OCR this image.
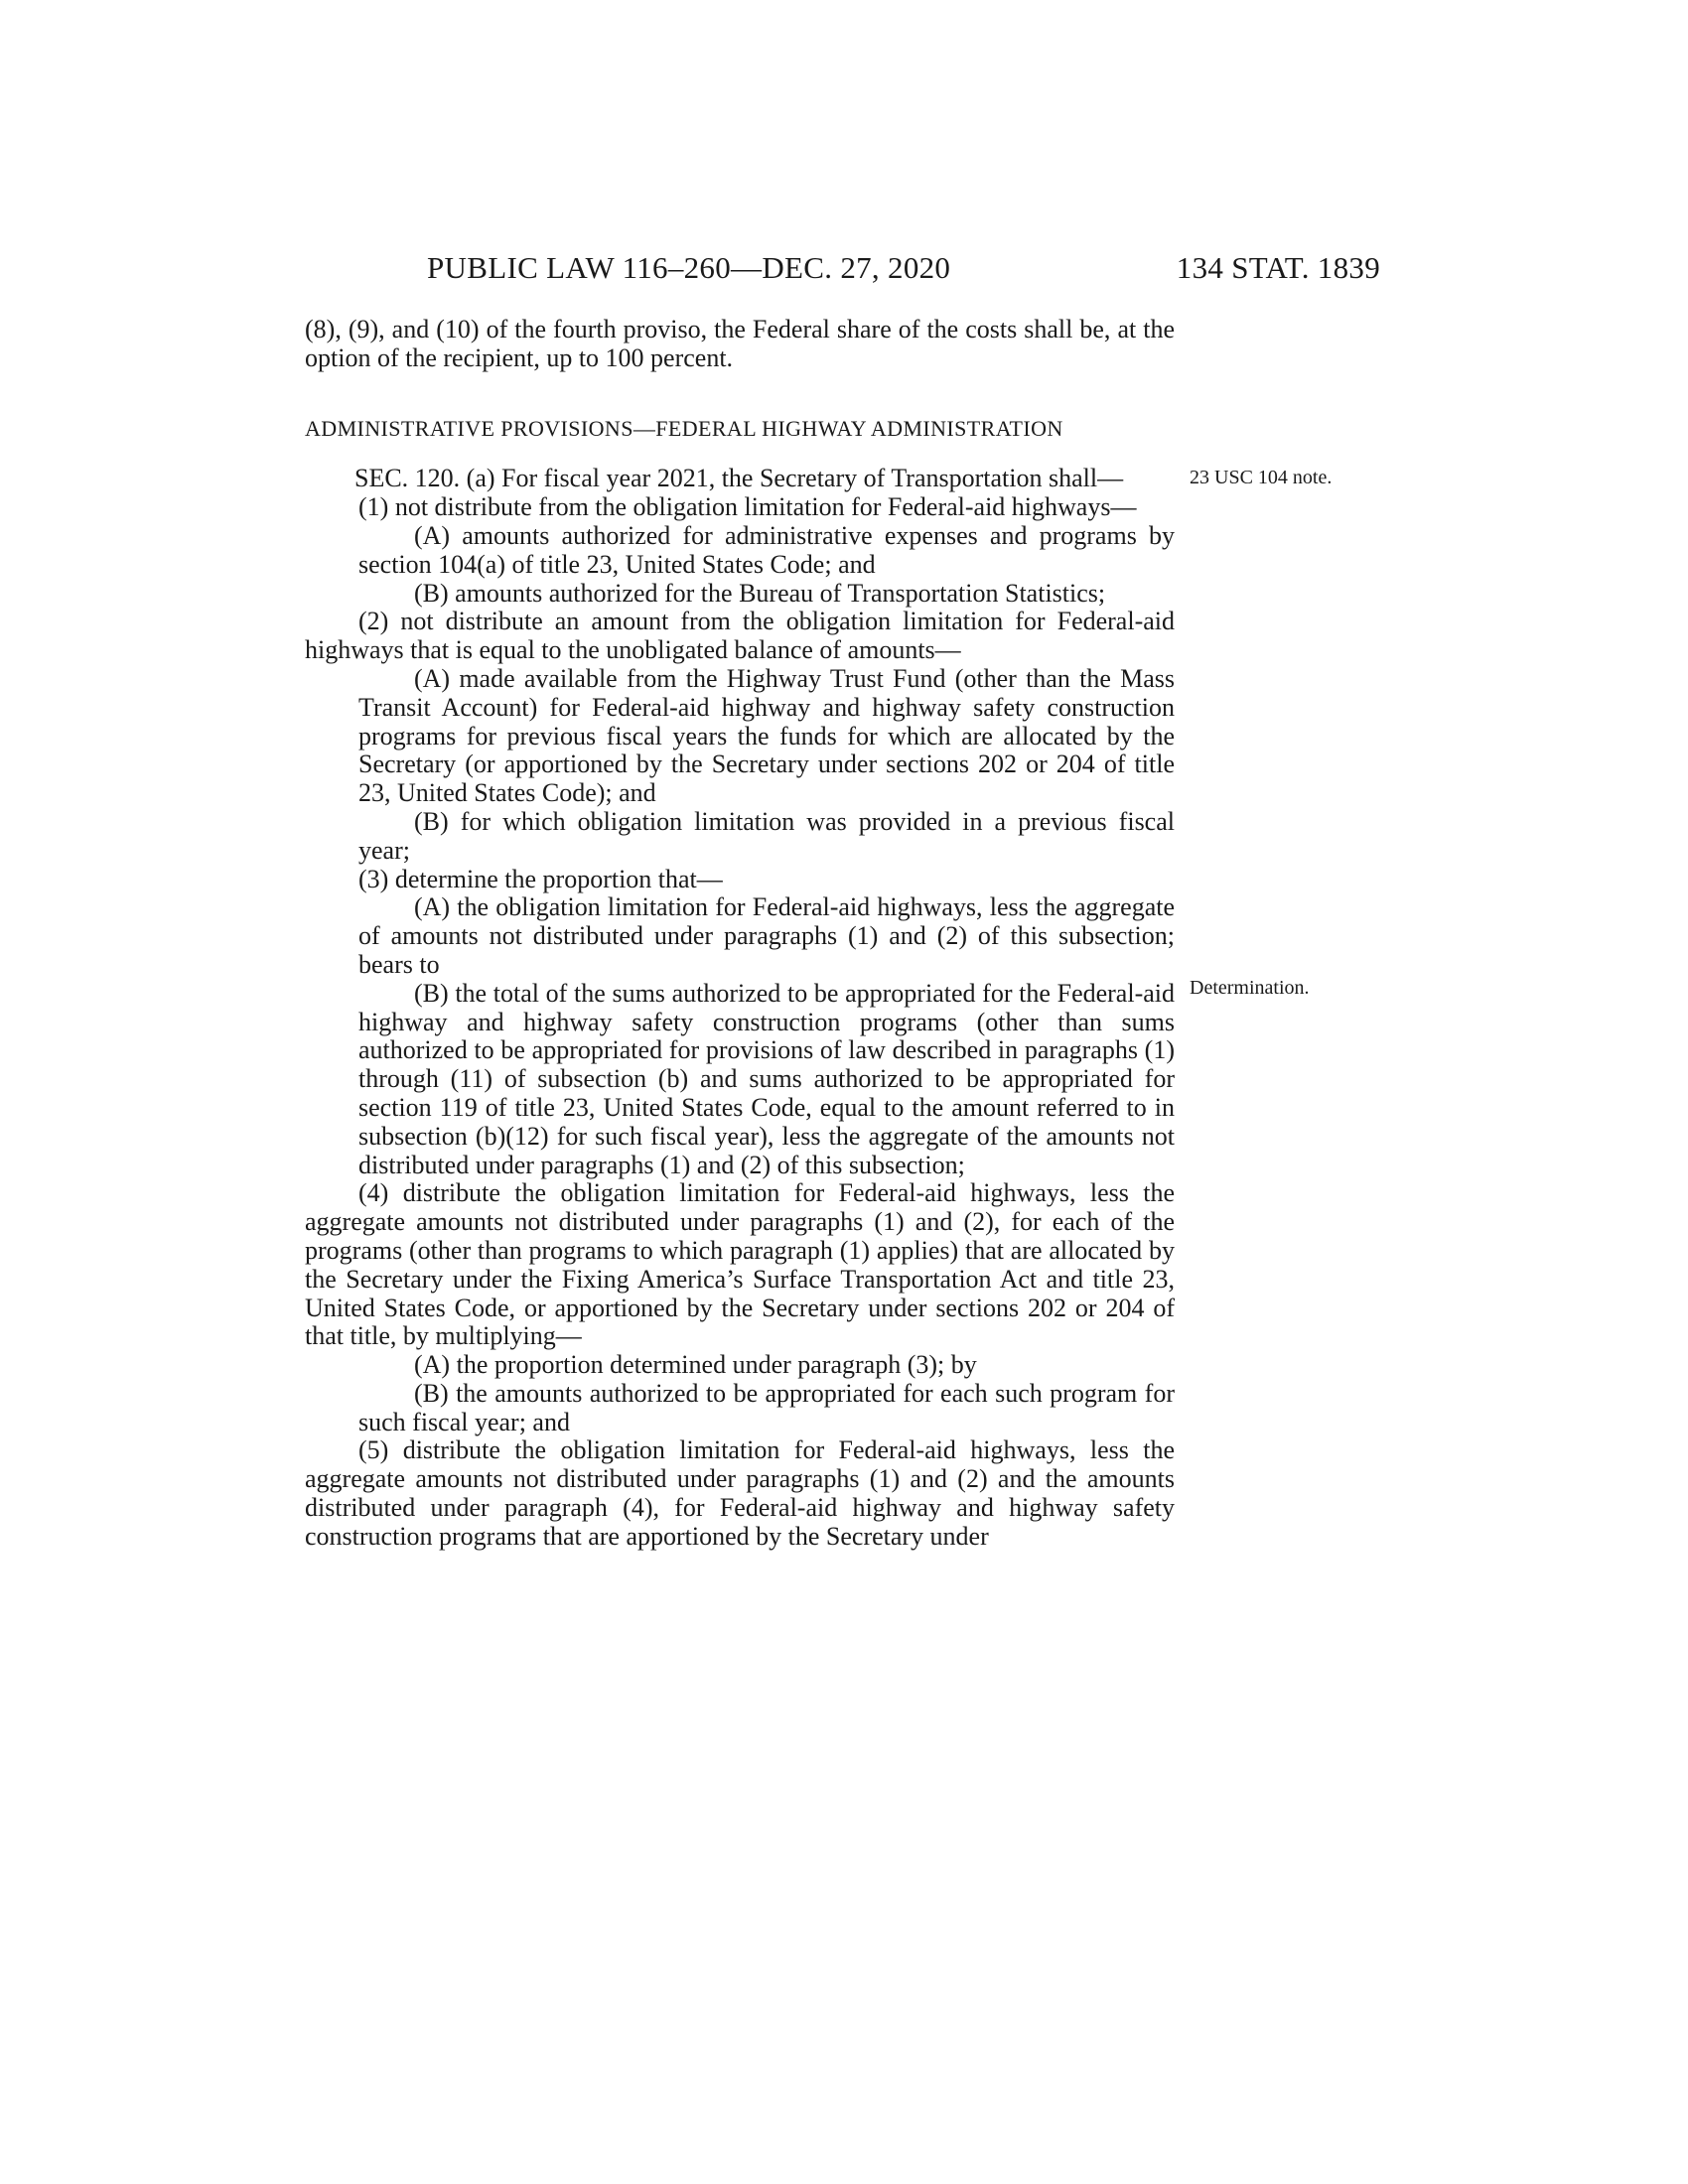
PUBLIC LAW 116–260—DEC. 27, 2020	134 STAT. 1839
23 USC 104 note.
Determination.

(8), (9), and (10) of the fourth proviso, the Federal share of the costs shall be, at the option of the recipient, up to 100 percent.

ADMINISTRATIVE PROVISIONS—FEDERAL HIGHWAY ADMINISTRATION

SEC. 120. (a) For fiscal year 2021, the Secretary of Transportation shall—

(1) not distribute from the obligation limitation for Federal-aid highways—

(A) amounts authorized for administrative expenses and programs by section 104(a) of title 23, United States Code; and

(B) amounts authorized for the Bureau of Transportation Statistics;

(2) not distribute an amount from the obligation limitation for Federal-aid highways that is equal to the unobligated balance of amounts—

(A) made available from the Highway Trust Fund (other than the Mass Transit Account) for Federal-aid highway and highway safety construction programs for previous fiscal years the funds for which are allocated by the Secretary (or apportioned by the Secretary under sections 202 or 204 of title 23, United States Code); and

(B) for which obligation limitation was provided in a previous fiscal year;

(3) determine the proportion that—

(A) the obligation limitation for Federal-aid highways, less the aggregate of amounts not distributed under paragraphs (1) and (2) of this subsection; bears to

(B) the total of the sums authorized to be appropriated for the Federal-aid highway and highway safety construction programs (other than sums authorized to be appropriated for provisions of law described in paragraphs (1) through (11) of subsection (b) and sums authorized to be appropriated for section 119 of title 23, United States Code, equal to the amount referred to in subsection (b)(12) for such fiscal year), less the aggregate of the amounts not distributed under paragraphs (1) and (2) of this subsection;

(4) distribute the obligation limitation for Federal-aid highways, less the aggregate amounts not distributed under paragraphs (1) and (2), for each of the programs (other than programs to which paragraph (1) applies) that are allocated by the Secretary under the Fixing America’s Surface Transportation Act and title 23, United States Code, or apportioned by the Secretary under sections 202 or 204 of that title, by multiplying—

(A) the proportion determined under paragraph (3); by

(B) the amounts authorized to be appropriated for each such program for such fiscal year; and

(5) distribute the obligation limitation for Federal-aid highways, less the aggregate amounts not distributed under paragraphs (1) and (2) and the amounts distributed under paragraph (4), for Federal-aid highway and highway safety construction programs that are apportioned by the Secretary under
